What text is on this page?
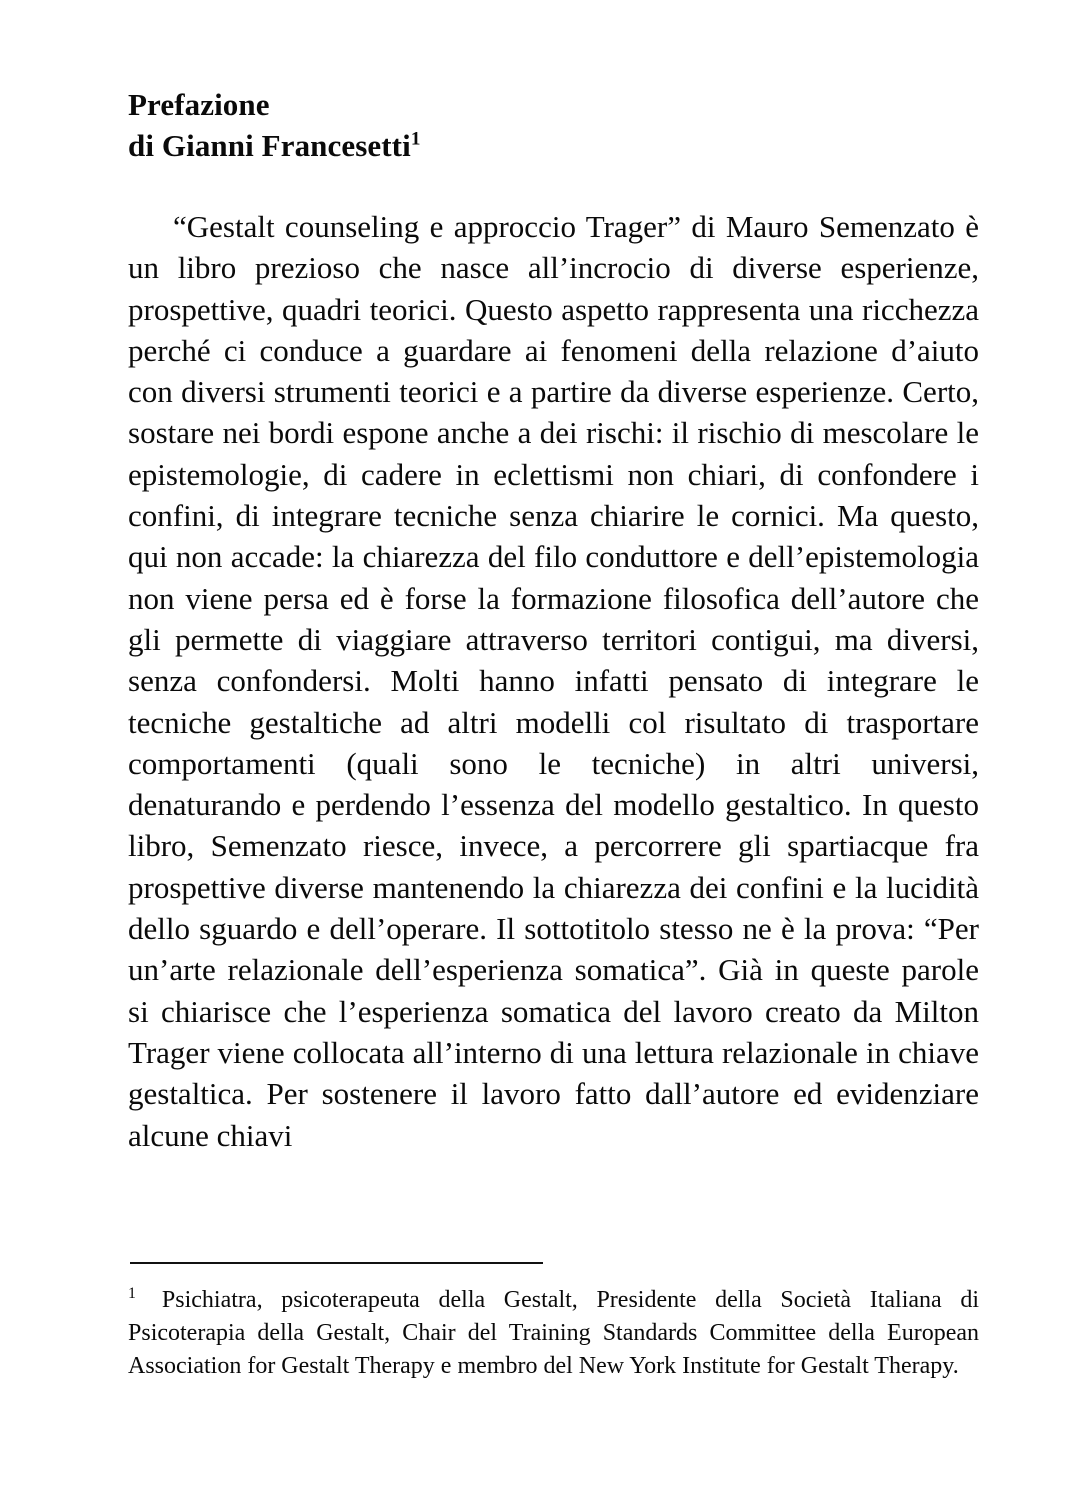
Prefazione
di Gianni Francesetti$^1$

“Gestalt counseling e approccio Trager” di Mauro Semenzato è un libro prezioso che nasce all’incrocio di diverse esperienze, prospettive, quadri teorici. Questo aspetto rappresenta una ricchezza perché ci conduce a guardare ai fenomeni della relazione d’aiuto con diversi strumenti teorici e a partire da diverse esperienze. Certo, sostare nei bordi espone anche a dei rischi: il rischio di mescolare le epistemologie, di cadere in eclettismi non chiari, di confondere i confini, di integrare tecniche senza chiarire le cornici. Ma questo, qui non accade: la chiarezza del filo conduttore e dell’epistemologia non viene persa ed è forse la formazione filosofica dell’autore che gli permette di viaggiare attraverso territori contigui, ma diversi, senza confondersi. Molti hanno infatti pensato di integrare le tecniche gestaltiche ad altri modelli col risultato di trasportare comportamenti (quali sono le tecniche) in altri universi, denaturando e perdendo l’essenza del modello gestaltico. In questo libro, Semenzato riesce, invece, a percorrere gli spartiacque fra prospettive diverse mantenendo la chiarezza dei confini e la lucidità dello sguardo e dell’operare. Il sottotitolo stesso ne è la prova: “Per un’arte relazionale dell’esperienza somatica”. Già in queste parole si chiarisce che l’esperienza somatica del lavoro creato da Milton Trager viene collocata all’interno di una lettura relazionale in chiave gestaltica. Per sostenere il lavoro fatto dall’autore ed evidenziare alcune chiavi

$^1$ Psichiatra, psicoterapeuta della Gestalt, Presidente della Società Italiana di Psicoterapia della Gestalt, Chair del Training Standards Committee della European Association for Gestalt Therapy e membro del New York Institute for Gestalt Therapy.
